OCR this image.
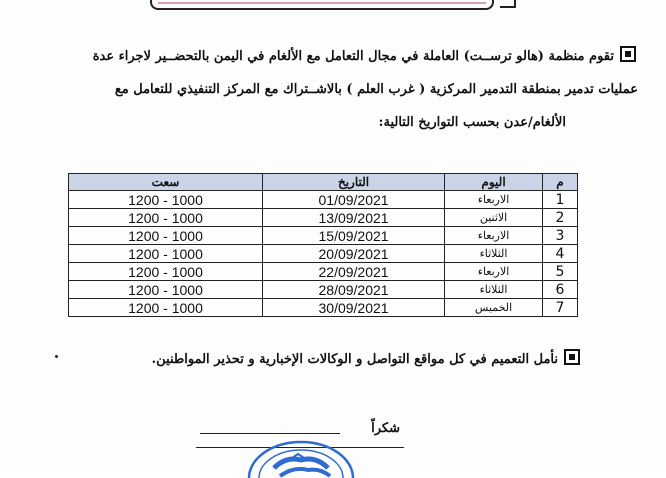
تقوم منظمة (هالو ترســت) العاملة في مجال التعامل مع الألغام في اليمن بالتحضــير لاجراء عدة
عمليات تدمير بمنطقة التدمير المركزية ( غرب العلم ) بالاشــتراك مع المركز التنفيذي للتعامل مع
الألغام/عدن بحسب التواريخ التالية:
سعت	التاريخ	اليوم	م
1200 - 1000	01/09/2021	الاربعاء	1
1200 - 1000	13/09/2021	الاثنين	2
1200 - 1000	15/09/2021	الاربعاء	3
1200 - 1000	20/09/2021	الثلاثاء	4
1200 - 1000	22/09/2021	الاربعاء	5
1200 - 1000	28/09/2021	الثلاثاء	6
1200 - 1000	30/09/2021	الخميس	7
نأمل التعميم في كل مواقع التواصل و الوكالات الإخبارية و تحذير المواطنين.
شكراً
